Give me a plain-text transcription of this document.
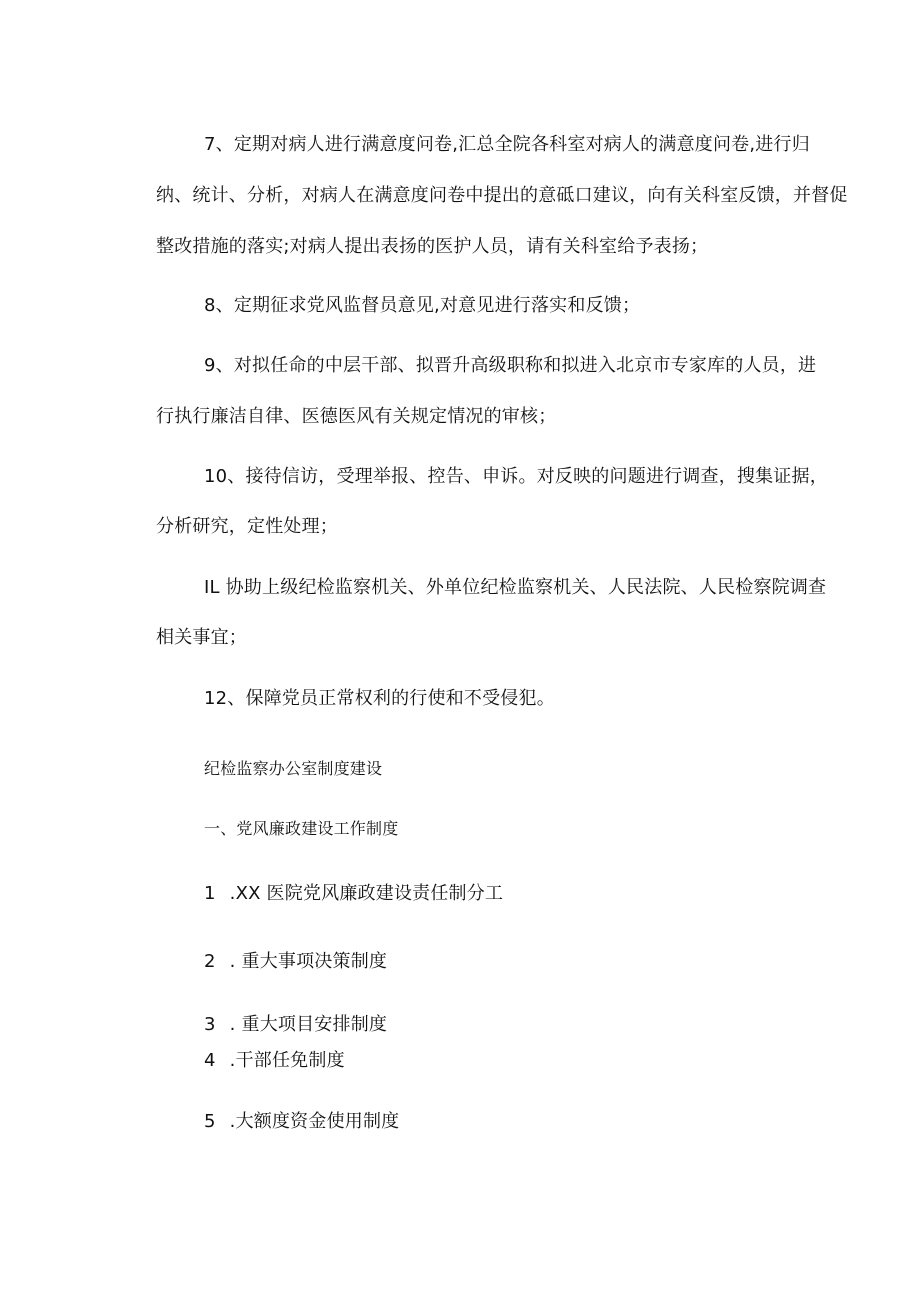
7、定期对病人进行满意度问卷,汇总全院各科室对病人的满意度问卷,进行归
纳、统计、分析，对病人在满意度问卷中提出的意砥口建议，向有关科室反馈，并督促
整改措施的落实;对病人提出表扬的医护人员，请有关科室给予表扬；
8、定期征求党风监督员意见,对意见进行落实和反馈；
9、对拟任命的中层干部、拟晋升高级职称和拟进入北京市专家库的人员，进
行执行廉洁自律、医德医风有关规定情况的审核；
10、接待信访，受理举报、控告、申诉。对反映的问题进行调查，搜集证据，
分析研究，定性处理；
IL 协助上级纪检监察机关、外单位纪检监察机关、人民法院、人民检察院调查
相关事宜；
12、保障党员正常权利的行使和不受侵犯。
纪检监察办公室制度建设
一、党风廉政建设工作制度
1 .XX 医院党风廉政建设责任制分工
2 . 重大事项决策制度
3 . 重大项目安排制度
4 .干部任免制度
5 .大额度资金使用制度
